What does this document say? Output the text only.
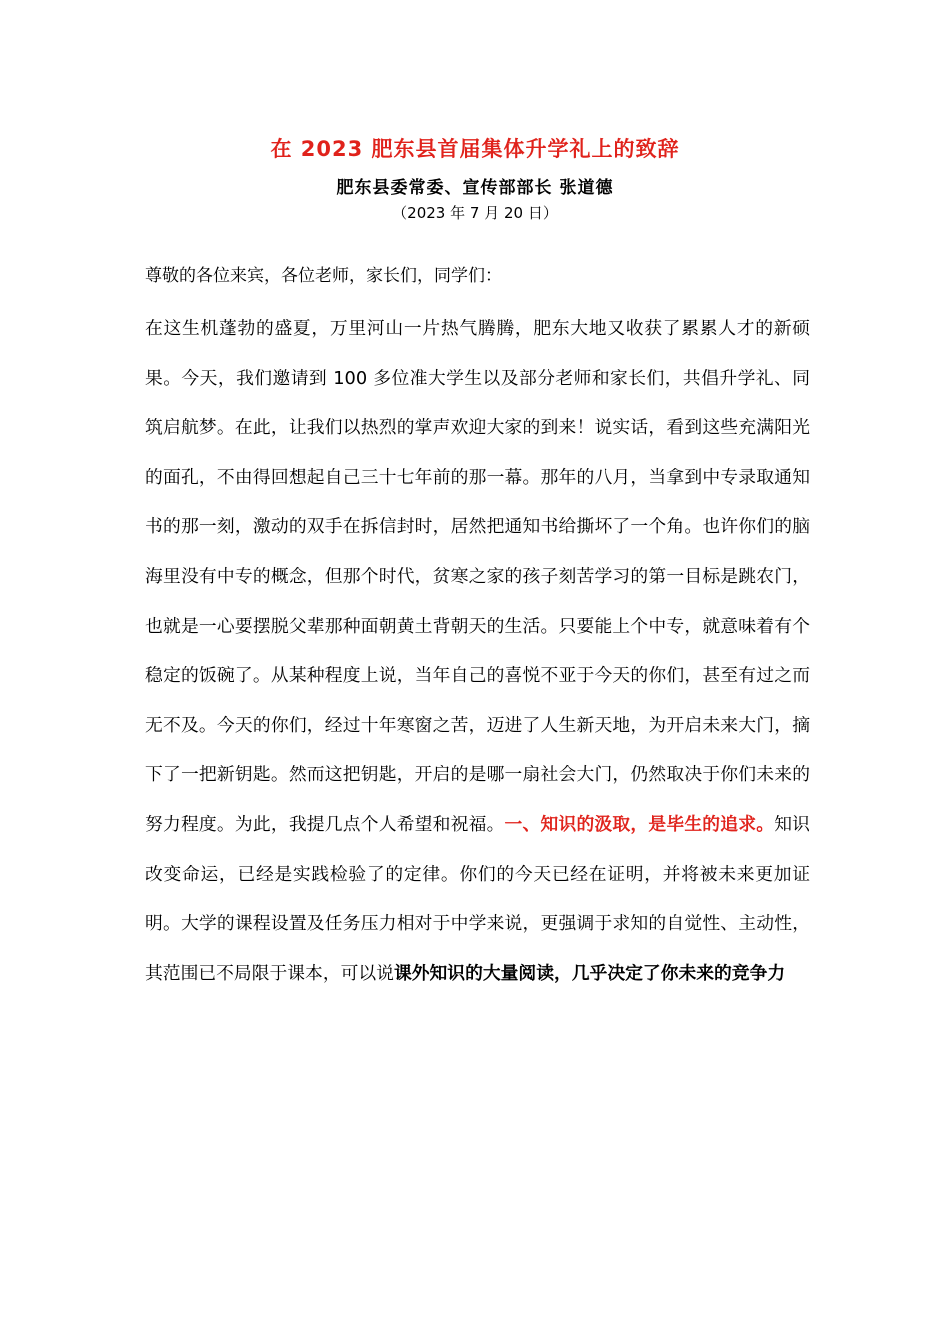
在 2023 肥东县首届集体升学礼上的致辞
肥东县委常委、宣传部部长 张道德
（2023 年 7 月 20 日）
尊敬的各位来宾，各位老师，家长们，同学们：
在这生机蓬勃的盛夏，万里河山一片热气腾腾，肥东大地又收获了累累人才的新硕果。今天，我们邀请到 100 多位准大学生以及部分老师和家长们，共倡升学礼、同筑启航梦。在此，让我们以热烈的掌声欢迎大家的到来！说实话，看到这些充满阳光的面孔，不由得回想起自己三十七年前的那一幕。那年的八月，当拿到中专录取通知书的那一刻，激动的双手在拆信封时，居然把通知书给撕坏了一个角。也许你们的脑海里没有中专的概念，但那个时代，贫寒之家的孩子刻苦学习的第一目标是跳农门，也就是一心要摆脱父辈那种面朝黄土背朝天的生活。只要能上个中专，就意味着有个稳定的饭碗了。从某种程度上说，当年自己的喜悦不亚于今天的你们，甚至有过之而无不及。今天的你们，经过十年寒窗之苦，迈进了人生新天地，为开启未来大门，摘下了一把新钥匙。然而这把钥匙，开启的是哪一扇社会大门，仍然取决于你们未来的努力程度。为此，我提几点个人希望和祝福。一、知识的汲取，是毕生的追求。知识改变命运，已经是实践检验了的定律。你们的今天已经在证明，并将被未来更加证明。大学的课程设置及任务压力相对于中学来说，更强调于求知的自觉性、主动性，其范围已不局限于课本，可以说课外知识的大量阅读，几乎决定了你未来的竞争力
